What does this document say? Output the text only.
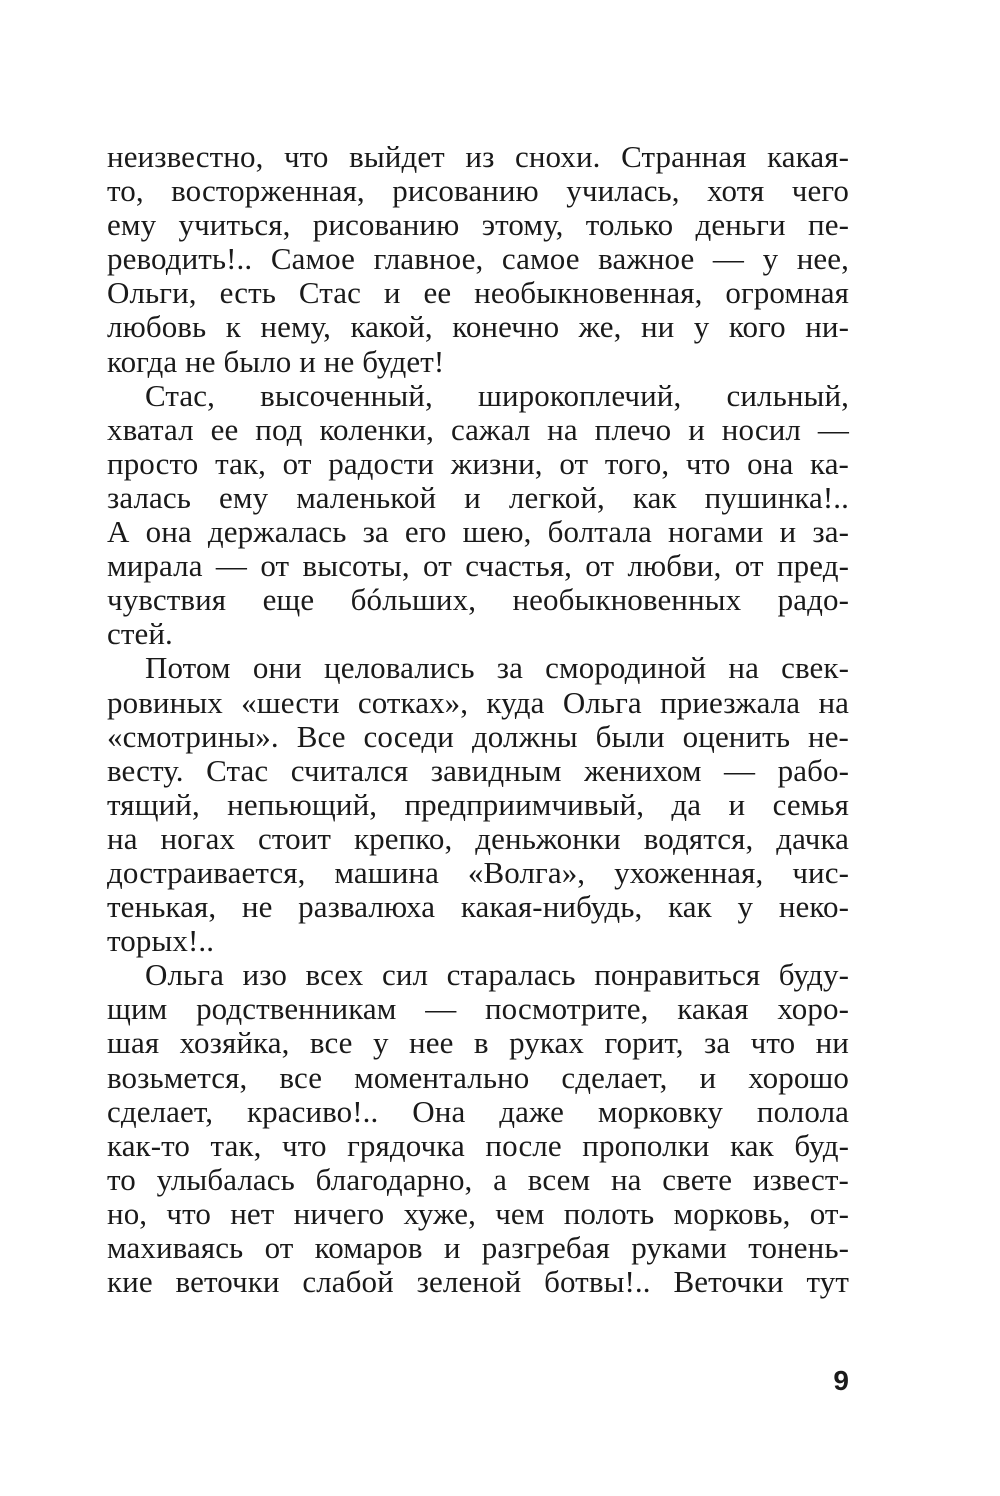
неизвестно, что выйдет из снохи. Странная какая-
то, восторженная, рисованию училась, хотя чего
ему учиться, рисованию этому, только деньги пе-
реводить!.. Самое главное, самое важное — у нее,
Ольги, есть Стас и ее необыкновенная, огромная
любовь к нему, какой, конечно же, ни у кого ни-
когда не было и не будет!
Стас, высоченный, широкоплечий, сильный,
хватал ее под коленки, сажал на плечо и носил —
просто так, от радости жизни, от того, что она ка-
залась ему маленькой и легкой, как пушинка!..
А она держалась за его шею, болтала ногами и за-
мирала — от высоты, от счастья, от любви, от пред-
чувствия еще бóльших, необыкновенных радо-
стей.
Потом они целовались за смородиной на свек-
ровиных «шести сотках», куда Ольга приезжала на
«смотрины». Все соседи должны были оценить не-
весту. Стас считался завидным женихом — рабо-
тящий, непьющий, предприимчивый, да и семья
на ногах стоит крепко, деньжонки водятся, дачка
достраивается, машина «Волга», ухоженная, чис-
тенькая, не развалюха какая-нибудь, как у неко-
торых!..
Ольга изо всех сил старалась понравиться буду-
щим родственникам — посмотрите, какая хоро-
шая хозяйка, все у нее в руках горит, за что ни
возьмется, все моментально сделает, и хорошо
сделает, красиво!.. Она даже морковку полола
как-то так, что грядочка после прополки как буд-
то улыбалась благодарно, а всем на свете извест-
но, что нет ничего хуже, чем полоть морковь, от-
махиваясь от комаров и разгребая руками тонень-
кие веточки слабой зеленой ботвы!.. Веточки тут
9
